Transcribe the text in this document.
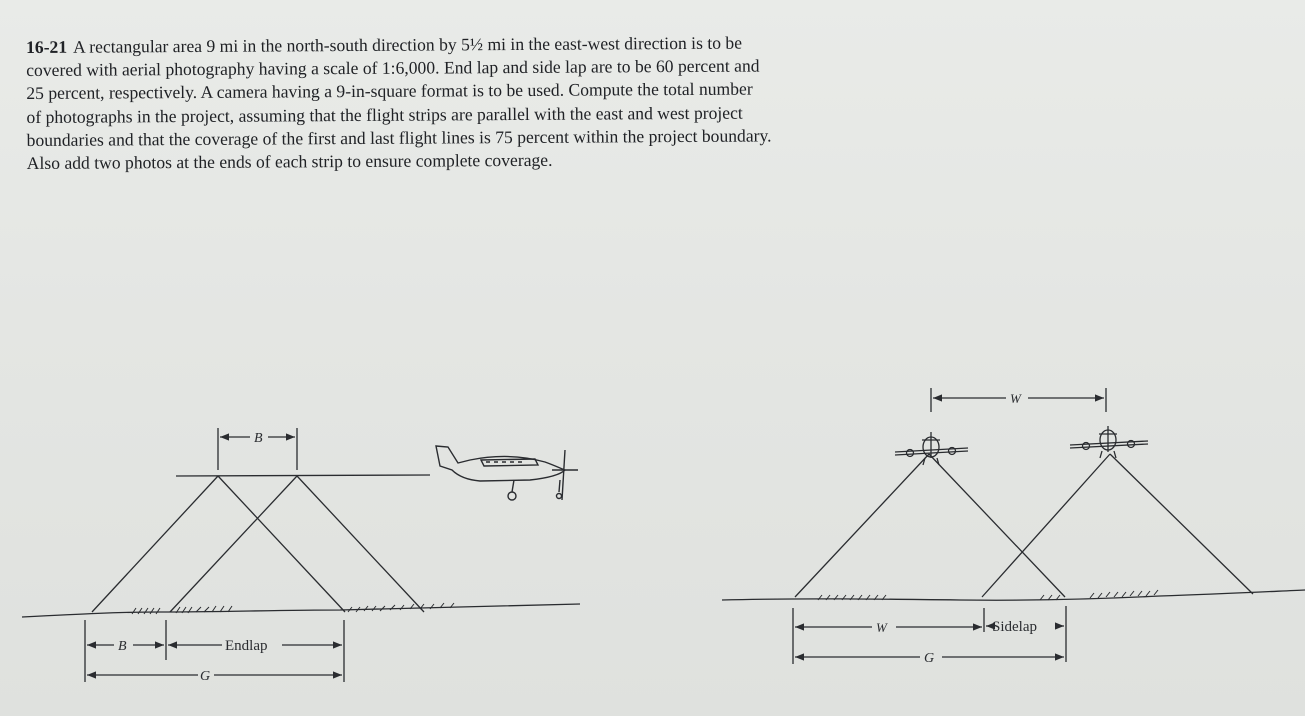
16-21 A rectangular area 9 mi in the north-south direction by 5½ mi in the east-west direction is to be
covered with aerial photography having a scale of 1:6,000. End lap and side lap are to be 60 percent and
25 percent, respectively. A camera having a 9-in-square format is to be used. Compute the total number
of photographs in the project, assuming that the flight strips are parallel with the east and west project
boundaries and that the coverage of the first and last flight lines is 75 percent within the project boundary.
Also add two photos at the ends of each strip to ensure complete coverage.
B
B	Endlap
G
W
W	Sidelap
G
